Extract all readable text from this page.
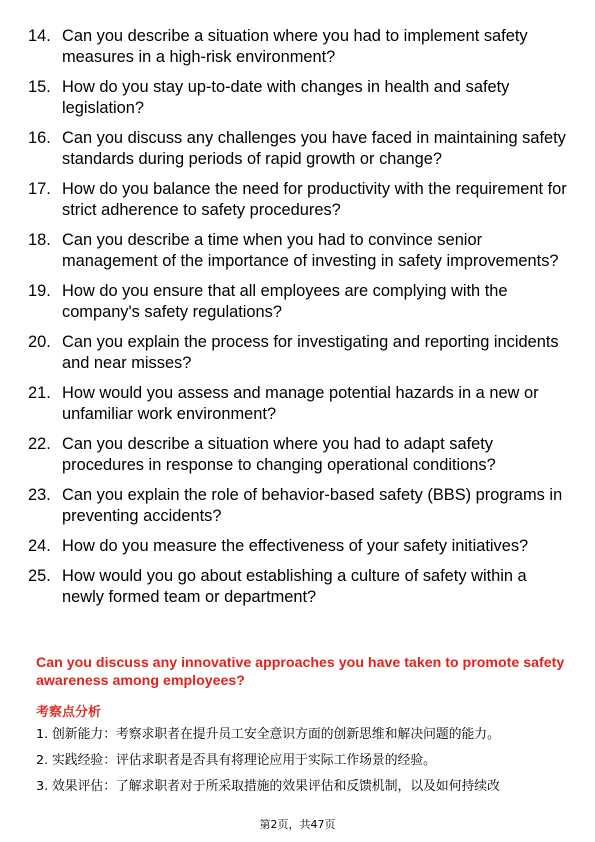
14. Can you describe a situation where you had to implement safety measures in a high-risk environment?
15. How do you stay up-to-date with changes in health and safety legislation?
16. Can you discuss any challenges you have faced in maintaining safety standards during periods of rapid growth or change?
17. How do you balance the need for productivity with the requirement for strict adherence to safety procedures?
18. Can you describe a time when you had to convince senior management of the importance of investing in safety improvements?
19. How do you ensure that all employees are complying with the company's safety regulations?
20. Can you explain the process for investigating and reporting incidents and near misses?
21. How would you assess and manage potential hazards in a new or unfamiliar work environment?
22. Can you describe a situation where you had to adapt safety procedures in response to changing operational conditions?
23. Can you explain the role of behavior-based safety (BBS) programs in preventing accidents?
24. How do you measure the effectiveness of your safety initiatives?
25. How would you go about establishing a culture of safety within a newly formed team or department?
Can you discuss any innovative approaches you have taken to promote safety awareness among employees?
考察点分析
1. 创新能力：考察求职者在提升员工安全意识方面的创新思维和解决问题的能力。
2. 实践经验：评估求职者是否具有将理论应用于实际工作场景的经验。
3. 效果评估：了解求职者对于所采取措施的效果评估和反馈机制，以及如何持续改
第2页，共47页
